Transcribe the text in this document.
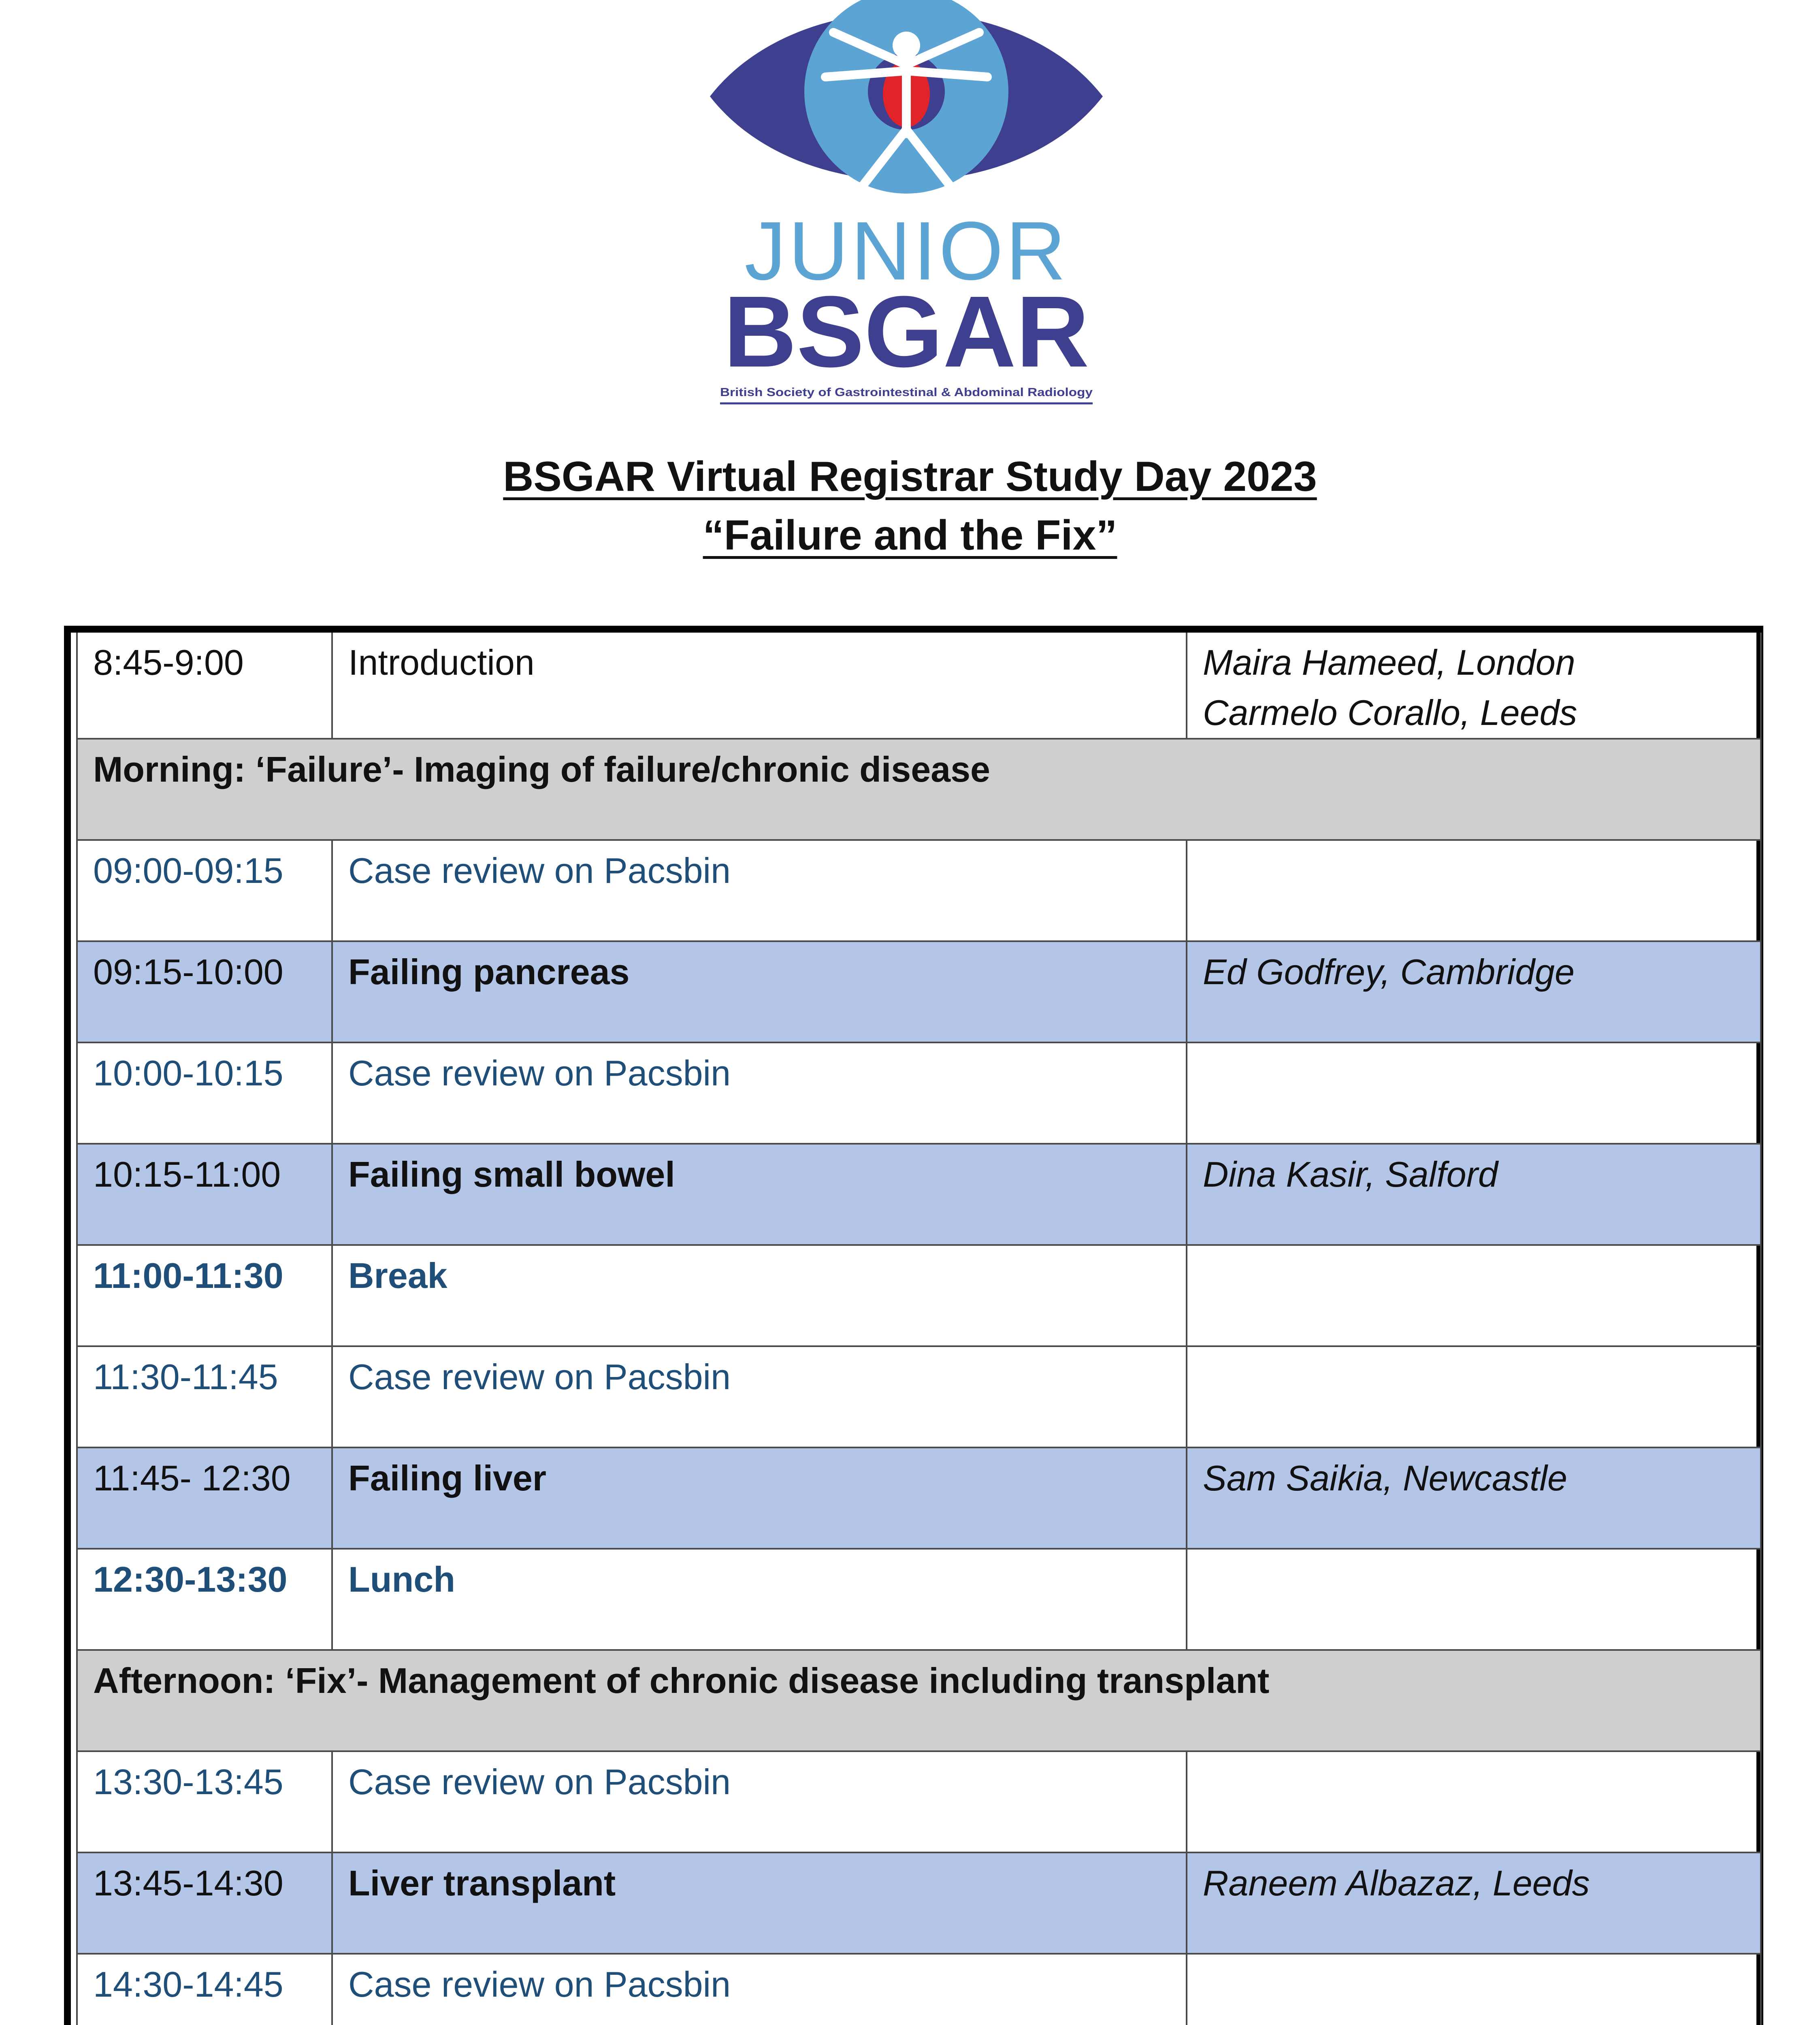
JUNIOR
BSGAR
British Society of Gastrointestinal & Abdominal Radiology
BSGAR Virtual Registrar Study Day 2023
“Failure and the Fix”
8:45-9:00	Introduction	Maira Hameed, London
Carmelo Corallo, Leeds

Morning: ‘Failure’- Imaging of failure/chronic disease		
09:00-09:15	Case review on Pacsbin	
09:15-10:00	Failing pancreas	Ed Godfrey, Cambridge

10:00-10:15	Case review on Pacsbin	
10:15-11:00	Failing small bowel	Dina Kasir, Salford

11:00-11:30	Break	
11:30-11:45	Case review on Pacsbin	
11:45- 12:30	Failing liver	Sam Saikia, Newcastle

12:30-13:30	Lunch	
Afternoon: ‘Fix’- Management of chronic disease including transplant		
13:30-13:45	Case review on Pacsbin	
13:45-14:30	Liver transplant	Raneem Albazaz, Leeds

14:30-14:45	Case review on Pacsbin	
